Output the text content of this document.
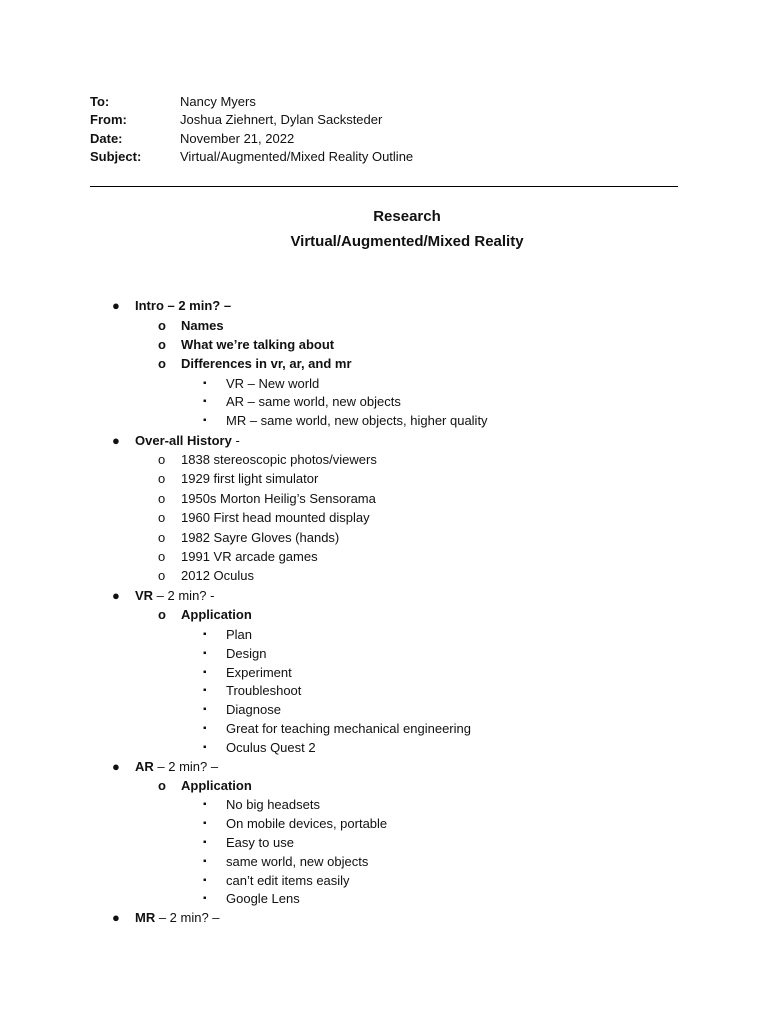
To:	Nancy Myers
From:	Joshua Ziehnert, Dylan Sacksteder
Date:	November 21, 2022
Subject:	Virtual/Augmented/Mixed Reality Outline
Research
Virtual/Augmented/Mixed Reality
● Intro – 2 min? –
o Names
o What we’re talking about
o Differences in vr, ar, and mr
▪ VR – New world
▪ AR – same world, new objects
▪ MR – same world, new objects, higher quality
● Over-all History -
o 1838 stereoscopic photos/viewers
o 1929 first light simulator
o 1950s Morton Heilig’s Sensorama
o 1960 First head mounted display
o 1982 Sayre Gloves (hands)
o 1991 VR arcade games
o 2012 Oculus
● VR – 2 min? -
o Application
▪ Plan
▪ Design
▪ Experiment
▪ Troubleshoot
▪ Diagnose
▪ Great for teaching mechanical engineering
▪ Oculus Quest 2
● AR – 2 min? –
o Application
▪ No big headsets
▪ On mobile devices, portable
▪ Easy to use
▪ same world, new objects
▪ can’t edit items easily
▪ Google Lens
● MR – 2 min? –
